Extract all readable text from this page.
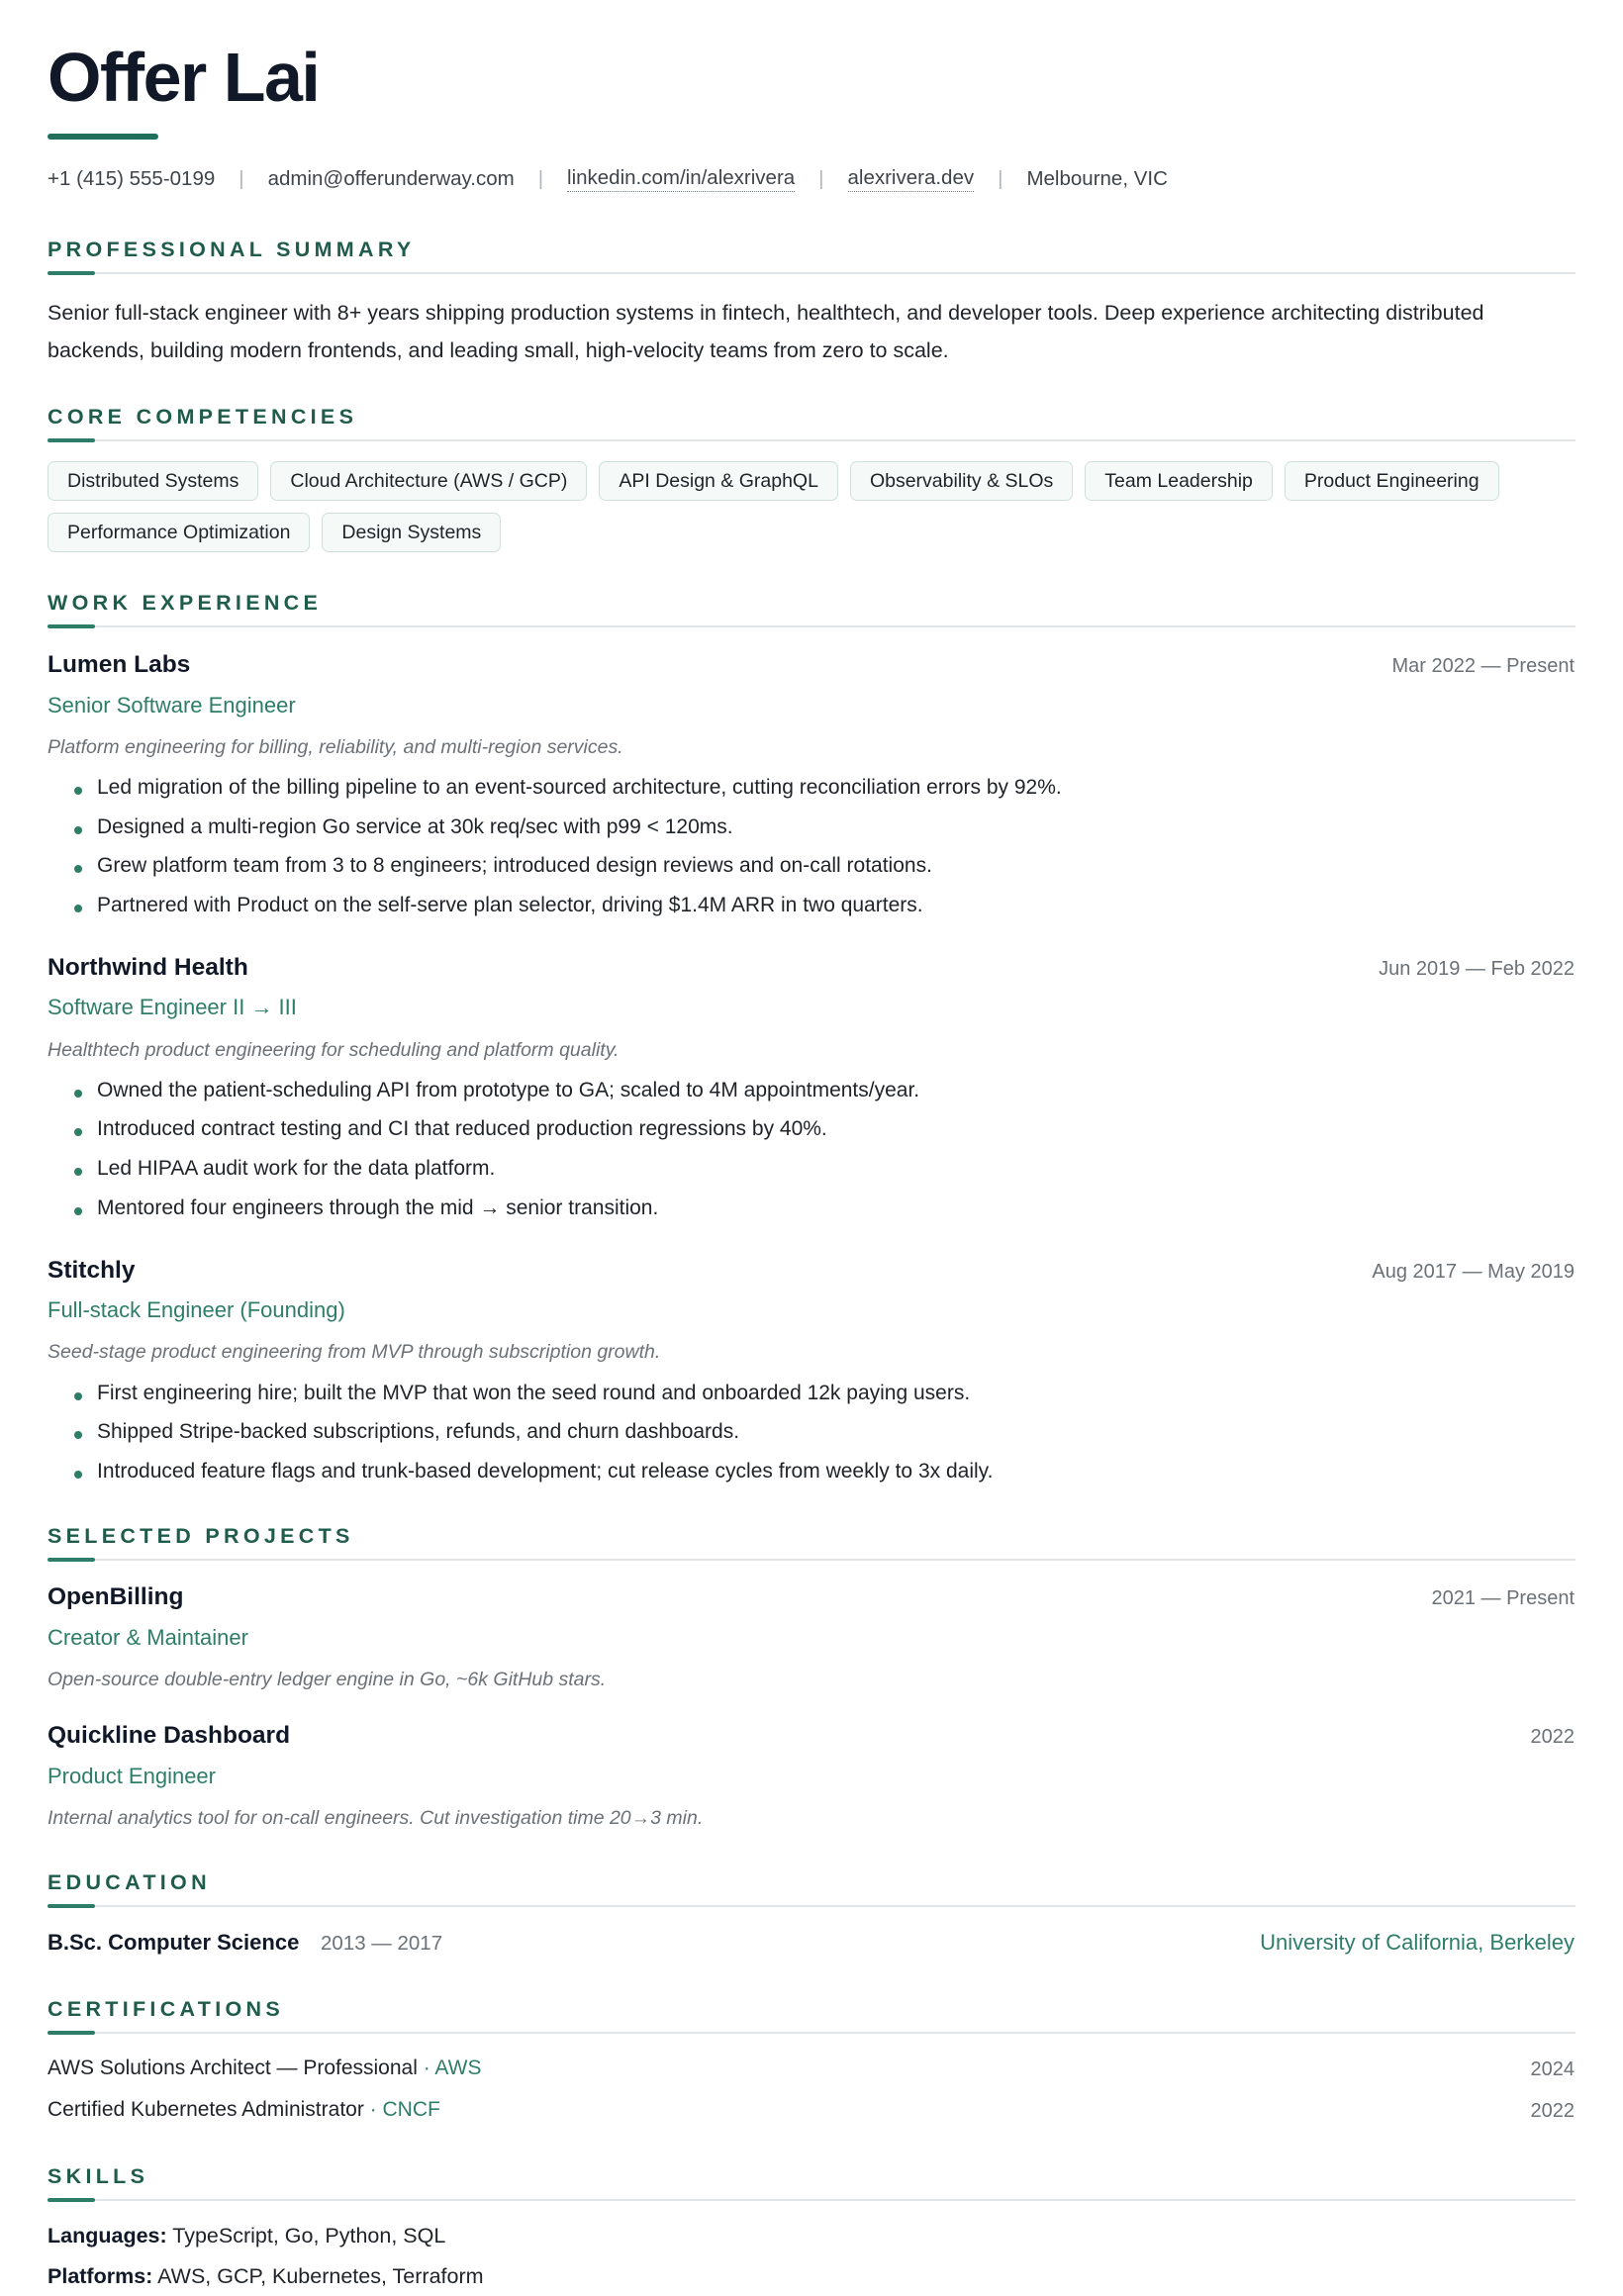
Offer Lai
+1 (415) 555-0199 | admin@offerunderway.com | linkedin.com/in/alexrivera | alexrivera.dev | Melbourne, VIC
PROFESSIONAL SUMMARY
Senior full-stack engineer with 8+ years shipping production systems in fintech, healthtech, and developer tools. Deep experience architecting distributed backends, building modern frontends, and leading small, high-velocity teams from zero to scale.
CORE COMPETENCIES
Distributed Systems	Cloud Architecture (AWS / GCP)	API Design & GraphQL	Observability & SLOs	Team Leadership	Product Engineering
Performance Optimization	Design Systems
WORK EXPERIENCE
Lumen Labs	Mar 2022 — Present
Senior Software Engineer
Platform engineering for billing, reliability, and multi-region services.
Led migration of the billing pipeline to an event-sourced architecture, cutting reconciliation errors by 92%.
Designed a multi-region Go service at 30k req/sec with p99 < 120ms.
Grew platform team from 3 to 8 engineers; introduced design reviews and on-call rotations.
Partnered with Product on the self-serve plan selector, driving $1.4M ARR in two quarters.
Northwind Health	Jun 2019 — Feb 2022
Software Engineer II → III
Healthtech product engineering for scheduling and platform quality.
Owned the patient-scheduling API from prototype to GA; scaled to 4M appointments/year.
Introduced contract testing and CI that reduced production regressions by 40%.
Led HIPAA audit work for the data platform.
Mentored four engineers through the mid → senior transition.
Stitchly	Aug 2017 — May 2019
Full-stack Engineer (Founding)
Seed-stage product engineering from MVP through subscription growth.
First engineering hire; built the MVP that won the seed round and onboarded 12k paying users.
Shipped Stripe-backed subscriptions, refunds, and churn dashboards.
Introduced feature flags and trunk-based development; cut release cycles from weekly to 3x daily.
SELECTED PROJECTS
OpenBilling	2021 — Present
Creator & Maintainer
Open-source double-entry ledger engine in Go, ~6k GitHub stars.
Quickline Dashboard	2022
Product Engineer
Internal analytics tool for on-call engineers. Cut investigation time 20→3 min.
EDUCATION
B.Sc. Computer Science 2013 — 2017	University of California, Berkeley
CERTIFICATIONS
AWS Solutions Architect — Professional · AWS	2024
Certified Kubernetes Administrator · CNCF	2022
SKILLS
Languages: TypeScript, Go, Python, SQL
Platforms: AWS, GCP, Kubernetes, Terraform
